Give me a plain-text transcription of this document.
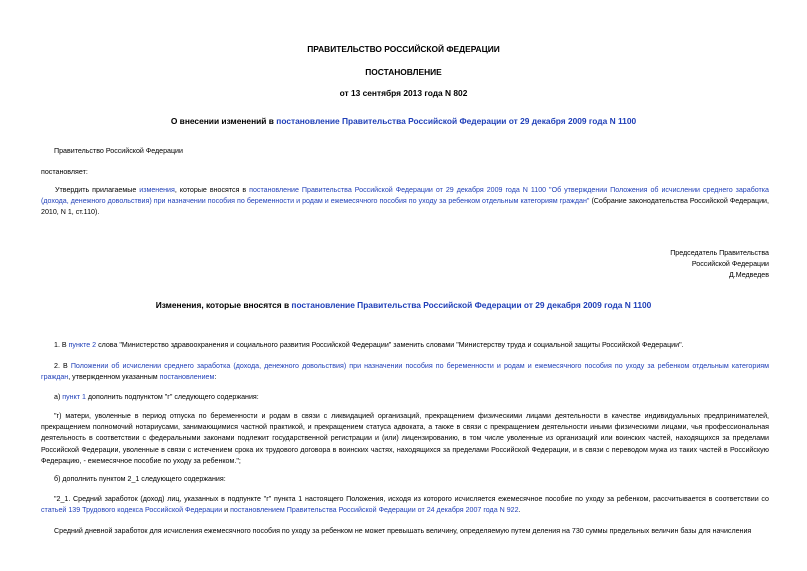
ПРАВИТЕЛЬСТВО РОССИЙСКОЙ ФЕДЕРАЦИИ
ПОСТАНОВЛЕНИЕ
от 13 сентября 2013 года N 802
О внесении изменений в постановление Правительства Российской Федерации от 29 декабря 2009 года N 1100
Правительство Российской Федерации
постановляет:
Утвердить прилагаемые изменения, которые вносятся в постановление Правительства Российской Федерации от 29 декабря 2009 года N 1100 "Об утверждении Положения об исчислении среднего заработка (дохода, денежного довольствия) при назначении пособия по беременности и родам и ежемесячного пособия по уходу за ребенком отдельным категориям граждан" (Собрание законодательства Российской Федерации, 2010, N 1, ст.110).
Председатель Правительства
Российской Федерации
Д.Медведев
Изменения, которые вносятся в постановление Правительства Российской Федерации от 29 декабря 2009 года N 1100
1. В пункте 2 слова "Министерство здравоохранения и социального развития Российской Федерации" заменить словами "Министерству труда и социальной защиты Российской Федерации".
2. В Положении об исчислении среднего заработка (дохода, денежного довольствия) при назначении пособия по беременности и родам и ежемесячного пособия по уходу за ребенком отдельным категориям граждан, утвержденном указанным постановлением:
а) пункт 1 дополнить подпунктом "г" следующего содержания:
"г) матери, уволенные в период отпуска по беременности и родам в связи с ликвидацией организаций, прекращением физическими лицами деятельности в качестве индивидуальных предпринимателей, прекращением полномочий нотариусами, занимающимися частной практикой, и прекращением статуса адвоката, а также в связи с прекращением деятельности иными физическими лицами, чья профессиональная деятельность в соответствии с федеральными законами подлежит государственной регистрации и (или) лицензированию, в том числе уволенные из организаций или воинских частей, находящихся за пределами Российской Федерации, уволенные в связи с истечением срока их трудового договора в воинских частях, находящихся за пределами Российской Федерации, и в связи с переводом мужа из таких частей в Российскую Федерацию, - ежемесячное пособие по уходу за ребенком.";
б) дополнить пунктом 2_1 следующего содержания:
"2_1. Средний заработок (доход) лиц, указанных в подпункте "г" пункта 1 настоящего Положения, исходя из которого исчисляется ежемесячное пособие по уходу за ребенком, рассчитывается в соответствии со статьей 139 Трудового кодекса Российской Федерации и постановлением Правительства Российской Федерации от 24 декабря 2007 года N 922.
Средний дневной заработок для исчисления ежемесячного пособия по уходу за ребенком не может превышать величину, определяемую путем деления на 730 суммы предельных величин базы для начисления
